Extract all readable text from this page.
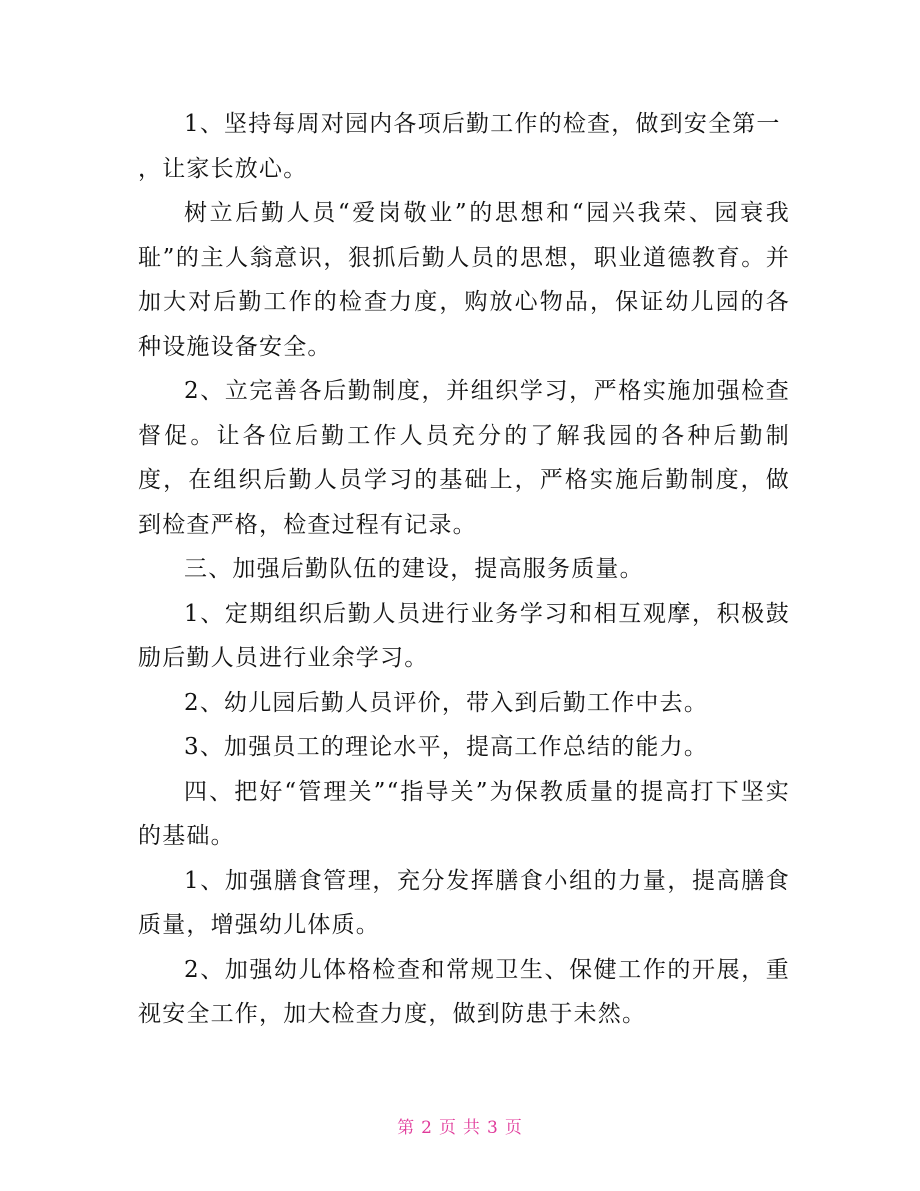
1、坚持每周对园内各项后勤工作的检查，做到安全第一

，让家长放心。

树立后勤人员“爱岗敬业”的思想和“园兴我荣、园衰我耻”的主人翁意识，狠抓后勤人员的思想，职业道德教育。并加大对后勤工作的检查力度，购放心物品，保证幼儿园的各种设施设备安全。

2、立完善各后勤制度，并组织学习，严格实施加强检查督促。让各位后勤工作人员充分的了解我园的各种后勤制度，在组织后勤人员学习的基础上，严格实施后勤制度，做到检查严格，检查过程有记录。

三、加强后勤队伍的建设，提高服务质量。

1、定期组织后勤人员进行业务学习和相互观摩，积极鼓励后勤人员进行业余学习。

2、幼儿园后勤人员评价，带入到后勤工作中去。

3、加强员工的理论水平，提高工作总结的能力。

四、把好“管理关”“指导关”为保教质量的提高打下坚实的基础。

1、加强膳食管理，充分发挥膳食小组的力量，提高膳食质量，增强幼儿体质。

2、加强幼儿体格检查和常规卫生、保健工作的开展，重视安全工作，加大检查力度，做到防患于未然。

第 2 页 共 3 页
